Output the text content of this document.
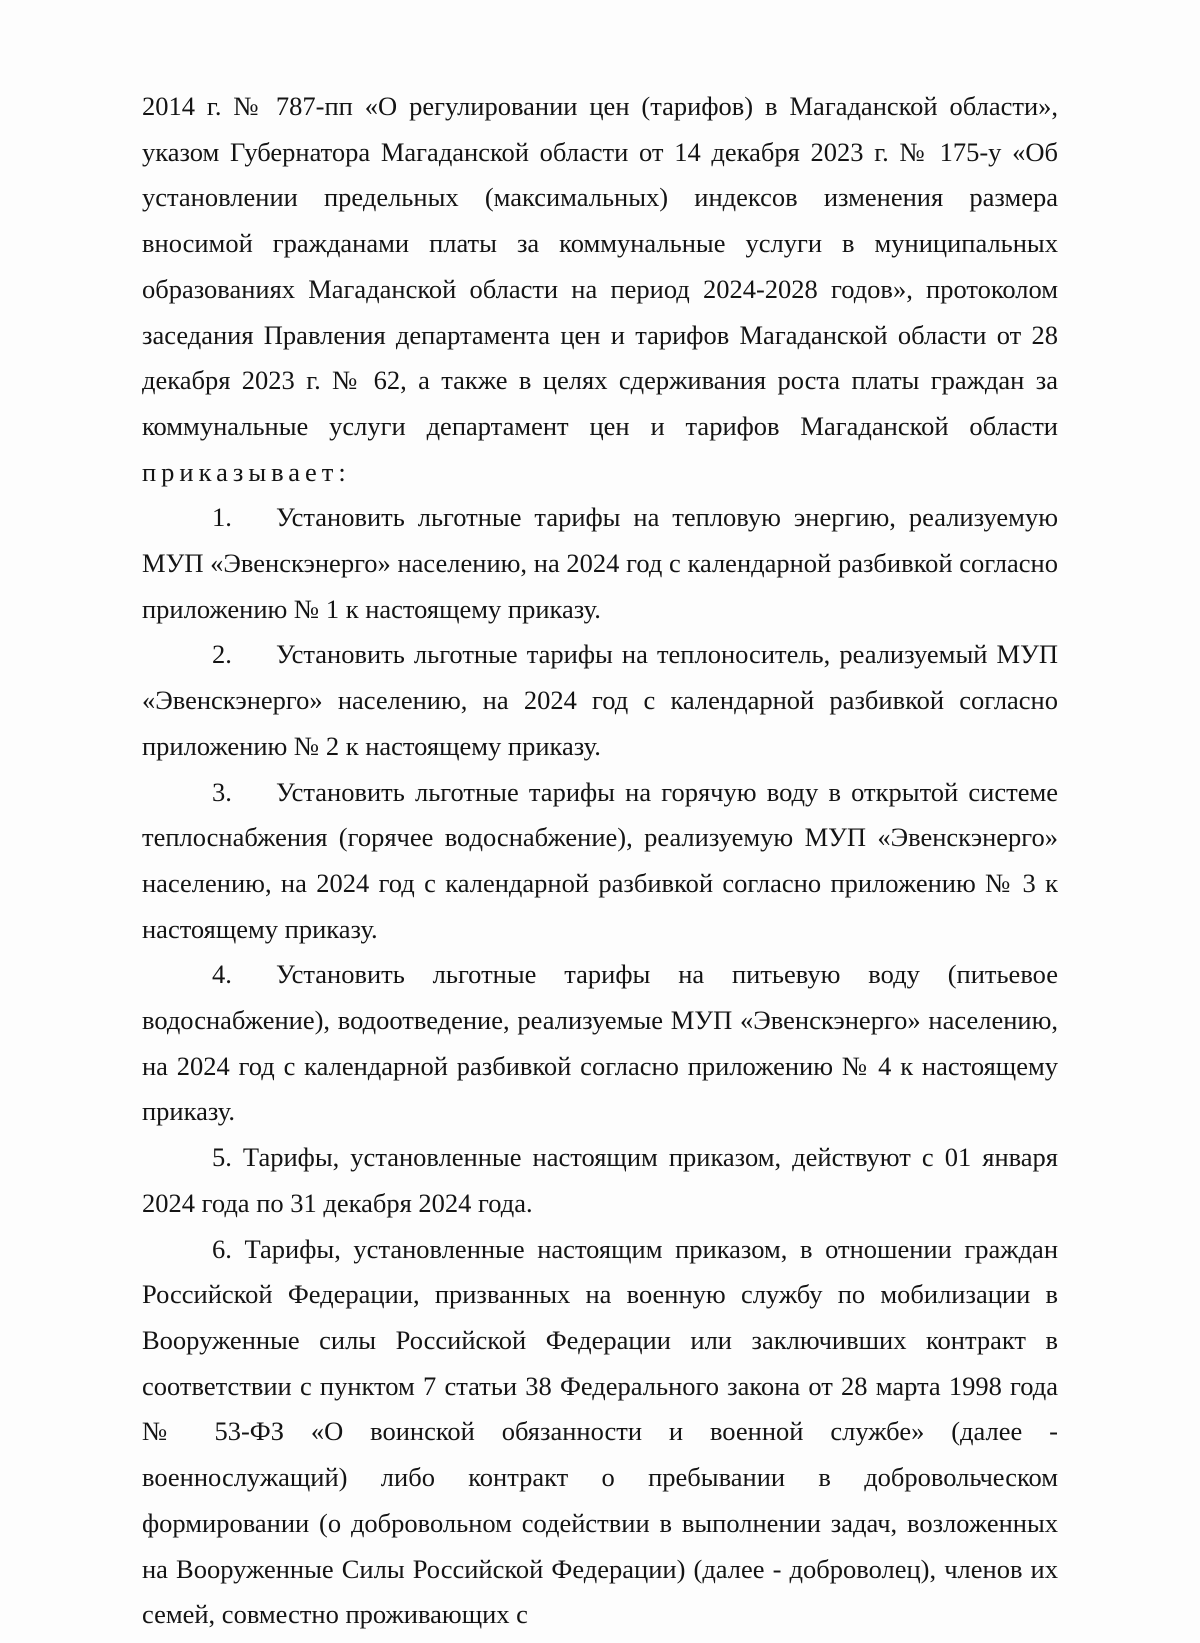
2014 г. № 787-пп «О регулировании цен (тарифов) в Магаданской области», указом Губернатора Магаданской области от 14 декабря 2023 г. № 175-у «Об установлении предельных (максимальных) индексов изменения размера вносимой гражданами платы за коммунальные услуги в муниципальных образованиях Магаданской области на период 2024-2028 годов», протоколом заседания Правления департамента цен и тарифов Магаданской области от 28 декабря 2023 г. № 62, а также в целях сдерживания роста платы граждан за коммунальные услуги департамент цен и тарифов Магаданской области приказывает:

1. Установить льготные тарифы на тепловую энергию, реализуемую МУП «Эвенскэнерго» населению, на 2024 год с календарной разбивкой согласно приложению № 1 к настоящему приказу.

2. Установить льготные тарифы на теплоноситель, реализуемый МУП «Эвенскэнерго» населению, на 2024 год с календарной разбивкой согласно приложению № 2 к настоящему приказу.

3. Установить льготные тарифы на горячую воду в открытой системе теплоснабжения (горячее водоснабжение), реализуемую МУП «Эвенскэнерго» населению, на 2024 год с календарной разбивкой согласно приложению № 3 к настоящему приказу.

4. Установить льготные тарифы на питьевую воду (питьевое водоснабжение), водоотведение, реализуемые МУП «Эвенскэнерго» населению, на 2024 год с календарной разбивкой согласно приложению № 4 к настоящему приказу.

5. Тарифы, установленные настоящим приказом, действуют с 01 января 2024 года по 31 декабря 2024 года.

6. Тарифы, установленные настоящим приказом, в отношении граждан Российской Федерации, призванных на военную службу по мобилизации в Вооруженные силы Российской Федерации или заключивших контракт в соответствии с пунктом 7 статьи 38 Федерального закона от 28 марта 1998 года № 53-ФЗ «О воинской обязанности и военной службе» (далее - военнослужащий) либо контракт о пребывании в добровольческом формировании (о добровольном содействии в выполнении задач, возложенных на Вооруженные Силы Российской Федерации) (далее - доброволец), членов их семей, совместно проживающих с
